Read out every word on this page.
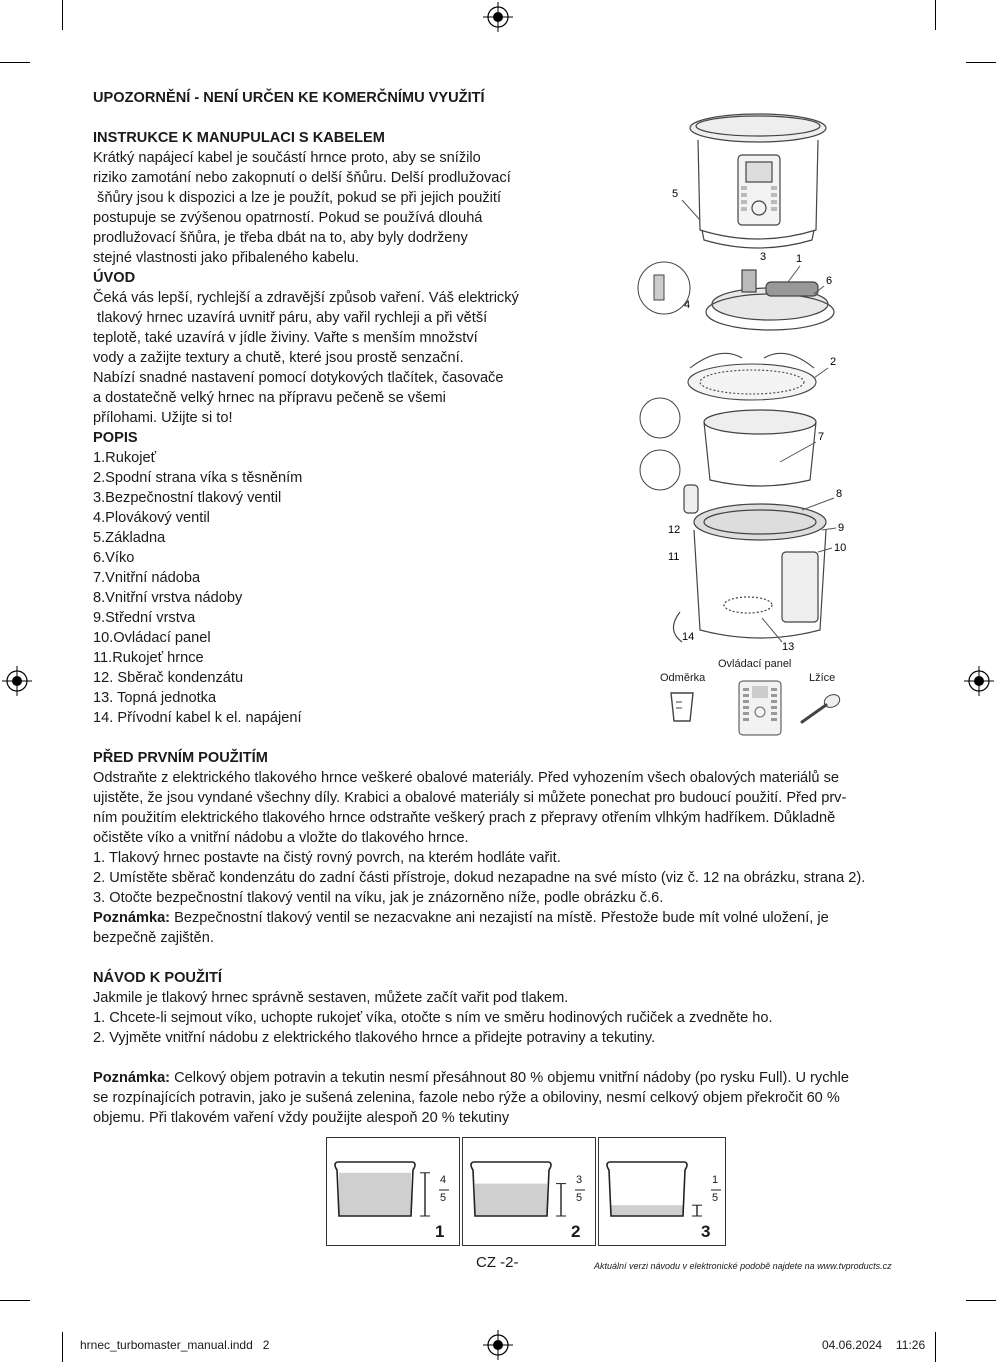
UPOZORNĚNÍ - NENÍ URČEN KE KOMERČNÍMU VYUŽITÍ
INSTRUKCE K MANUPULACI S KABELEM
Krátký napájecí kabel je součástí hrnce proto, aby se snížilo
riziko zamotání nebo zakopnutí o delší šňůru. Delší prodlužovací
šňůry jsou k dispozici a lze je použít, pokud se při jejich použití
postupuje se zvýšenou opatrností. Pokud se používá dlouhá
prodlužovací šňůra, je třeba dbát na to, aby byly dodrženy
stejné vlastnosti jako přibaleného kabelu.
ÚVOD
Čeká vás lepší, rychlejší a zdravější způsob vaření. Váš elektrický
tlakový hrnec uzavírá uvnitř páru, aby vařil rychleji a při větší
teplotě, také uzavírá v jídle živiny. Vařte s menším množství
vody a zažijte textury a chutě, které jsou prostě senzační.
Nabízí snadné nastavení pomocí dotykových tlačítek, časovače
a dostatečně velký hrnec na přípravu pečeně se všemi
přílohami. Užijte si to!
POPIS
1.Rukojeť
2.Spodní strana víka s těsněním
3.Bezpečnostní tlakový ventil
4.Plovákový ventil
5.Základna
6.Víko
7.Vnitřní nádoba
8.Vnitřní vrstva nádoby
9.Střední vrstva
10.Ovládací panel
11.Rukojeť hrnce
12. Sběrač kondenzátu
13. Topná jednotka
14. Přívodní kabel k el. napájení
5
3	1
6
4
2
7
8
9
10
12
11
14
13
Ovládací panel
Odměrka	Lžíce
PŘED PRVNÍM POUŽITÍM
Odstraňte z elektrického tlakového hrnce veškeré obalové materiály. Před vyhozením všech obalových materiálů se
ujistěte, že jsou vyndané všechny díly. Krabici a obalové materiály si můžete ponechat pro budoucí použití. Před prv-
ním použitím elektrického tlakového hrnce odstraňte veškerý prach z přepravy otřením vlhkým hadříkem. Důkladně
očistěte víko a vnitřní nádobu a vložte do tlakového hrnce.
1. Tlakový hrnec postavte na čistý rovný povrch, na kterém hodláte vařit.
2. Umístěte sběrač kondenzátu do zadní části přístroje, dokud nezapadne na své místo (viz č. 12 na obrázku, strana 2).
3. Otočte bezpečnostní tlakový ventil na víku, jak je znázorněno níže, podle obrázku č.6.
Poznámka: Bezpečnostní tlakový ventil se nezacvakne ani nezajistí na místě. Přestože bude mít volné uložení, je
bezpečně zajištěn.
NÁVOD K POUŽITÍ
Jakmile je tlakový hrnec správně sestaven, můžete začít vařit pod tlakem.
1. Chcete-li sejmout víko, uchopte rukojeť víka, otočte s ním ve směru hodinových ručiček a zvedněte ho.
2. Vyjměte vnitřní nádobu z elektrického tlakového hrnce a přidejte potraviny a tekutiny.
Poznámka: Celkový objem potravin a tekutin nesmí přesáhnout 80 % objemu vnitřní nádoby (po rysku Full). U rychle
se rozpínajících potravin, jako je sušená zelenina, fazole nebo rýže a obiloviny, nesmí celkový objem překročit 60 %
objemu. Při tlakovém vaření vždy použijte alespoň 20 % tekutiny
4
5
1
3
5
2
1
5
3
CZ -2-	Aktuální verzi návodu v elektronické podobě najdete na www.tvproducts.cz
hrnec_turbomaster_manual.indd   2	04.06.2024 11:26
